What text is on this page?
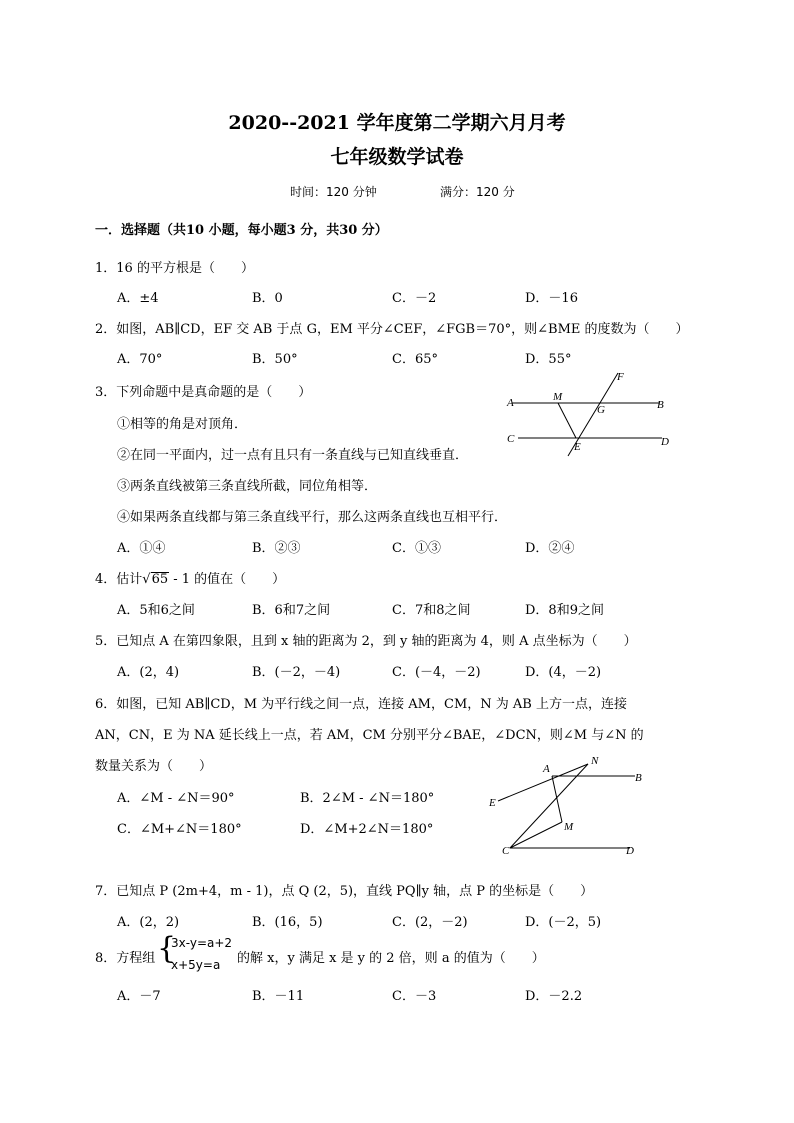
2020--2021 学年度第二学期六月月考
七年级数学试卷
时间：120 分钟	满分：120 分
一．选择题（共10 小题，每小题3 分，共30 分）
1．16 的平方根是（　　）
A．±4	B．0	C．－2	D．－16
2．如图，AB∥CD，EF 交 AB 于点 G，EM 平分∠CEF，∠FGB＝70°，则∠BME 的度数为（　　）
A．70°	B．50°	C．65°	D．55°
3．下列命题中是真命题的是（　　）
①相等的角是对顶角．
②在同一平面内，过一点有且只有一条直线与已知直线垂直．
③两条直线被第三条直线所截，同位角相等．
④如果两条直线都与第三条直线平行，那么这两条直线也互相平行．
A．①④	B．②③	C．①③	D．②④
A	M
F
G	B
C
E	D
4．估计√65 - 1 的值在（　　）
A．5和6之间	B．6和7之间	C．7和8之间	D．8和9之间
5．已知点 A 在第四象限，且到 x 轴的距离为 2，到 y 轴的距离为 4，则 A 点坐标为（　　）
A．(2，4)	B．(－2，－4)	C．(－4，－2)	D．(4，－2)
6．如图，已知 AB∥CD，M 为平行线之间一点，连接 AM，CM，N 为 AB 上方一点，连接
AN，CN，E 为 NA 延长线上一点，若 AM，CM 分别平分∠BAE，∠DCN，则∠M 与∠N 的
数量关系为（　　）
A．∠M - ∠N＝90°	B．2∠M - ∠N＝180°
C．∠M+∠N＝180°	D．∠M+2∠N＝180°
N
A
B
E
M
C	D
7．已知点 P (2m+4，m - 1)，点 Q (2，5)，直线 PQ∥y 轴，点 P 的坐标是（　　）
A．(2，2)	B．(16，5)	C．(2，－2)	D．(－2，5)
8．方程组 {
3x-y=a+2
x+5y=a 的解 x，y 满足 x 是 y 的 2 倍，则 a 的值为（　　）
A．－7	B．－11	C．－3	D．－2.2
